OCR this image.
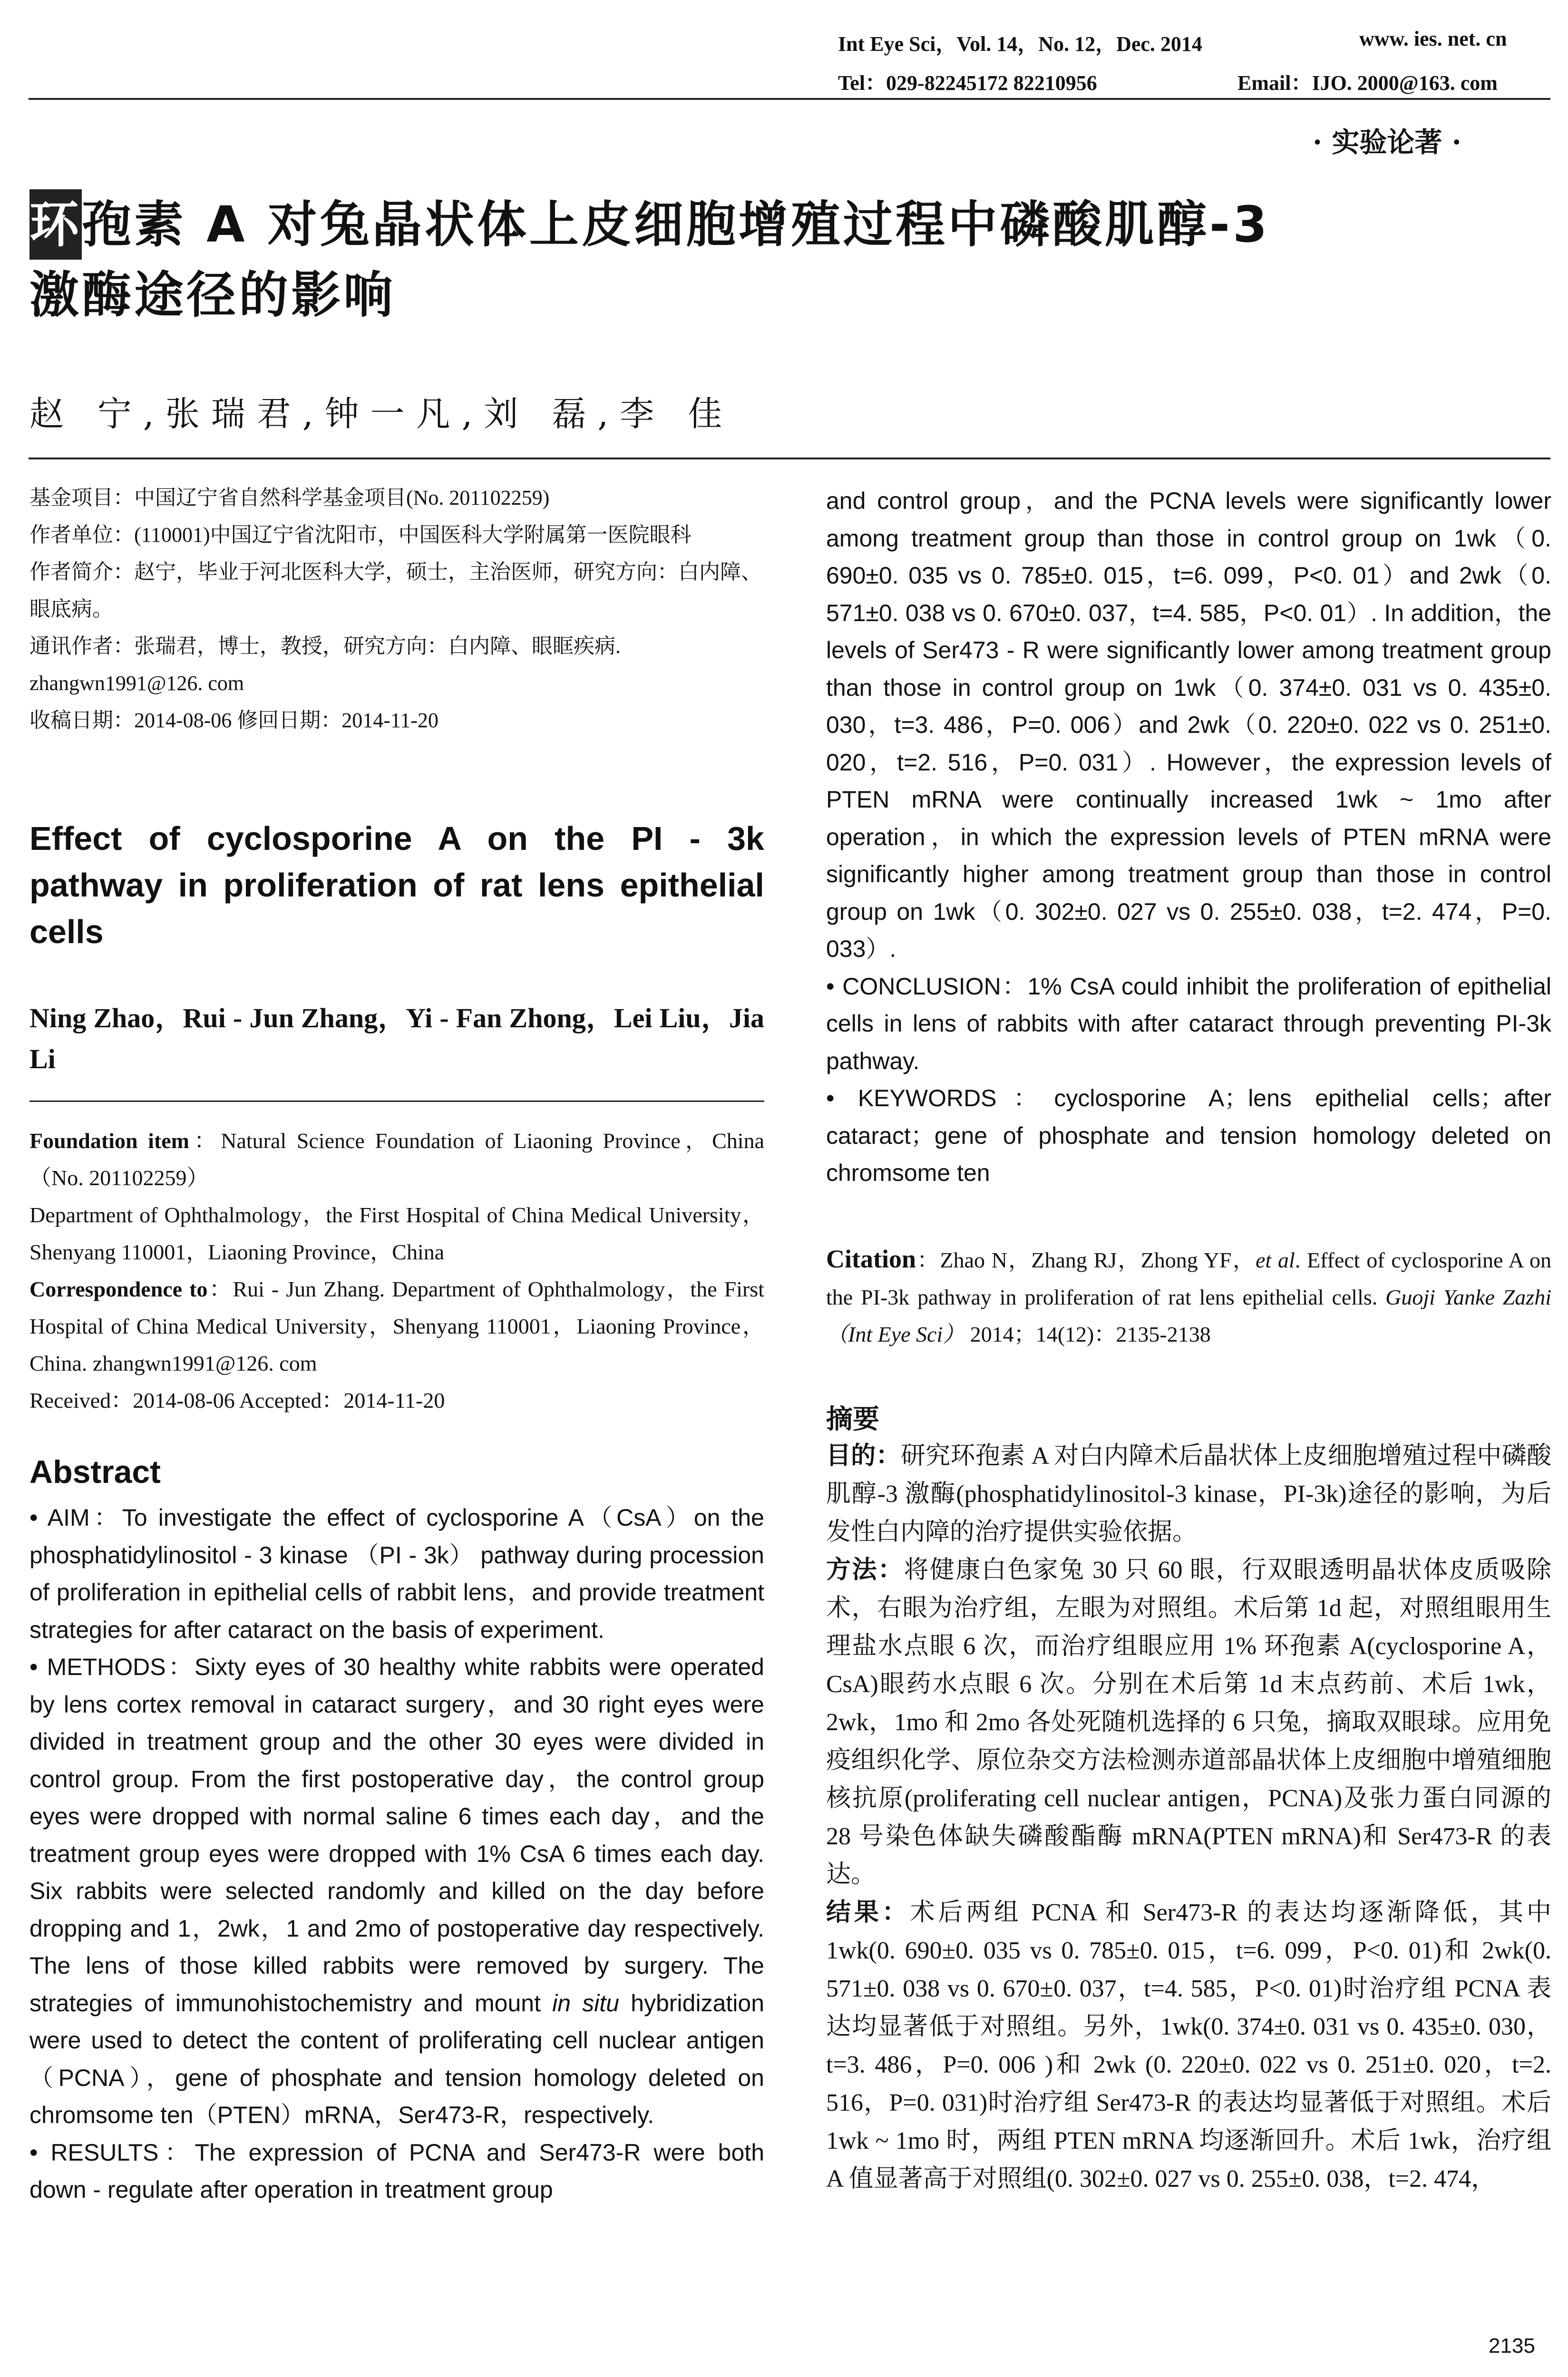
Int Eye Sci，Vol. 14，No. 12，Dec. 2014	www. ies. net. cn
Tel：029-82245172 82210956	Email：IJO. 2000@163. com
· 实验论著 ·
环孢素 A 对兔晶状体上皮细胞增殖过程中磷酸肌醇-3
激酶途径的影响
赵 宁,张瑞君,钟一凡,刘 磊,李 佳

基金项目：中国辽宁省自然科学基金项目(No. 201102259)

作者单位：(110001)中国辽宁省沈阳市，中国医科大学附属第一医院眼科

作者简介：赵宁，毕业于河北医科大学，硕士，主治医师，研究方向：白内障、眼底病。

通讯作者：张瑞君，博士，教授，研究方向：白内障、眼眶疾病. zhangwn1991@126. com

收稿日期：2014-08-06 修回日期：2014-11-20

Effect of cyclosporine A on the PI - 3k pathway in proliferation of rat lens epithelial cells
Ning Zhao，Rui - Jun Zhang，Yi - Fan Zhong，Lei Liu，Jia Li

Foundation item：Natural Science Foundation of Liaoning Province，China（No. 201102259）

Department of Ophthalmology，the First Hospital of China Medical University，Shenyang 110001，Liaoning Province，China

Correspondence to：Rui - Jun Zhang. Department of Ophthalmology，the First Hospital of China Medical University，Shenyang 110001，Liaoning Province，China. zhangwn1991@126. com

Received：2014-08-06 Accepted：2014-11-20

Abstract

• AIM：To investigate the effect of cyclosporine A（CsA）on the phosphatidylinositol - 3 kinase （PI - 3k） pathway during procession of proliferation in epithelial cells of rabbit lens，and provide treatment strategies for after cataract on the basis of experiment.

• METHODS：Sixty eyes of 30 healthy white rabbits were operated by lens cortex removal in cataract surgery，and 30 right eyes were divided in treatment group and the other 30 eyes were divided in control group. From the first postoperative day，the control group eyes were dropped with normal saline 6 times each day，and the treatment group eyes were dropped with 1% CsA 6 times each day. Six rabbits were selected randomly and killed on the day before dropping and 1，2wk，1 and 2mo of postoperative day respectively. The lens of those killed rabbits were removed by surgery. The strategies of immunohistochemistry and mount in situ hybridization were used to detect the content of proliferating cell nuclear antigen（PCNA），gene of phosphate and tension homology deleted on chromsome ten（PTEN）mRNA，Ser473-R，respectively.

• RESULTS：The expression of PCNA and Ser473-R were both down - regulate after operation in treatment group

and control group，and the PCNA levels were significantly lower among treatment group than those in control group on 1wk（0. 690±0. 035 vs 0. 785±0. 015，t=6. 099，P<0. 01）and 2wk（0. 571±0. 038 vs 0. 670±0. 037，t=4. 585，P<0. 01）. In addition，the levels of Ser473 - R were significantly lower among treatment group than those in control group on 1wk（0. 374±0. 031 vs 0. 435±0. 030，t=3. 486，P=0. 006）and 2wk（0. 220±0. 022 vs 0. 251±0. 020，t=2. 516，P=0. 031）. However，the expression levels of PTEN mRNA were continually increased 1wk ~ 1mo after operation，in which the expression levels of PTEN mRNA were significantly higher among treatment group than those in control group on 1wk（0. 302±0. 027 vs 0. 255±0. 038，t=2. 474，P=0. 033）.

• CONCLUSION：1% CsA could inhibit the proliferation of epithelial cells in lens of rabbits with after cataract through preventing PI-3k pathway.

• KEYWORDS：cyclosporine A；lens epithelial cells；after cataract；gene of phosphate and tension homology deleted on chromsome ten

Citation：Zhao N，Zhang RJ，Zhong YF，et al. Effect of cyclosporine A on the PI-3k pathway in proliferation of rat lens epithelial cells. Guoji Yanke Zazhi（Int Eye Sci） 2014；14(12)：2135-2138

摘要

目的：研究环孢素 A 对白内障术后晶状体上皮细胞增殖过程中磷酸肌醇-3 激酶(phosphatidylinositol-3 kinase，PI-3k)途径的影响，为后发性白内障的治疗提供实验依据。

方法：将健康白色家兔 30 只 60 眼，行双眼透明晶状体皮质吸除术，右眼为治疗组，左眼为对照组。术后第 1d 起，对照组眼用生理盐水点眼 6 次，而治疗组眼应用 1% 环孢素 A(cyclosporine A，CsA)眼药水点眼 6 次。分别在术后第 1d 末点药前、术后 1wk，2wk，1mo 和 2mo 各处死随机选择的 6 只兔，摘取双眼球。应用免疫组织化学、原位杂交方法检测赤道部晶状体上皮细胞中增殖细胞核抗原(proliferating cell nuclear antigen，PCNA)及张力蛋白同源的 28 号染色体缺失磷酸酯酶 mRNA(PTEN mRNA)和 Ser473-R 的表达。

结果：术后两组 PCNA 和 Ser473-R 的表达均逐渐降低，其中 1wk(0. 690±0. 035 vs 0. 785±0. 015，t=6. 099，P<0. 01)和 2wk(0. 571±0. 038 vs 0. 670±0. 037，t=4. 585，P<0. 01)时治疗组 PCNA 表达均显著低于对照组。另外，1wk(0. 374±0. 031 vs 0. 435±0. 030，t=3. 486，P=0. 006 )和 2wk (0. 220±0. 022 vs 0. 251±0. 020，t=2. 516，P=0. 031)时治疗组 Ser473-R 的表达均显著低于对照组。术后 1wk ~ 1mo 时，两组 PTEN mRNA 均逐渐回升。术后 1wk，治疗组 A 值显著高于对照组(0. 302±0. 027 vs 0. 255±0. 038，t=2. 474，

2135
